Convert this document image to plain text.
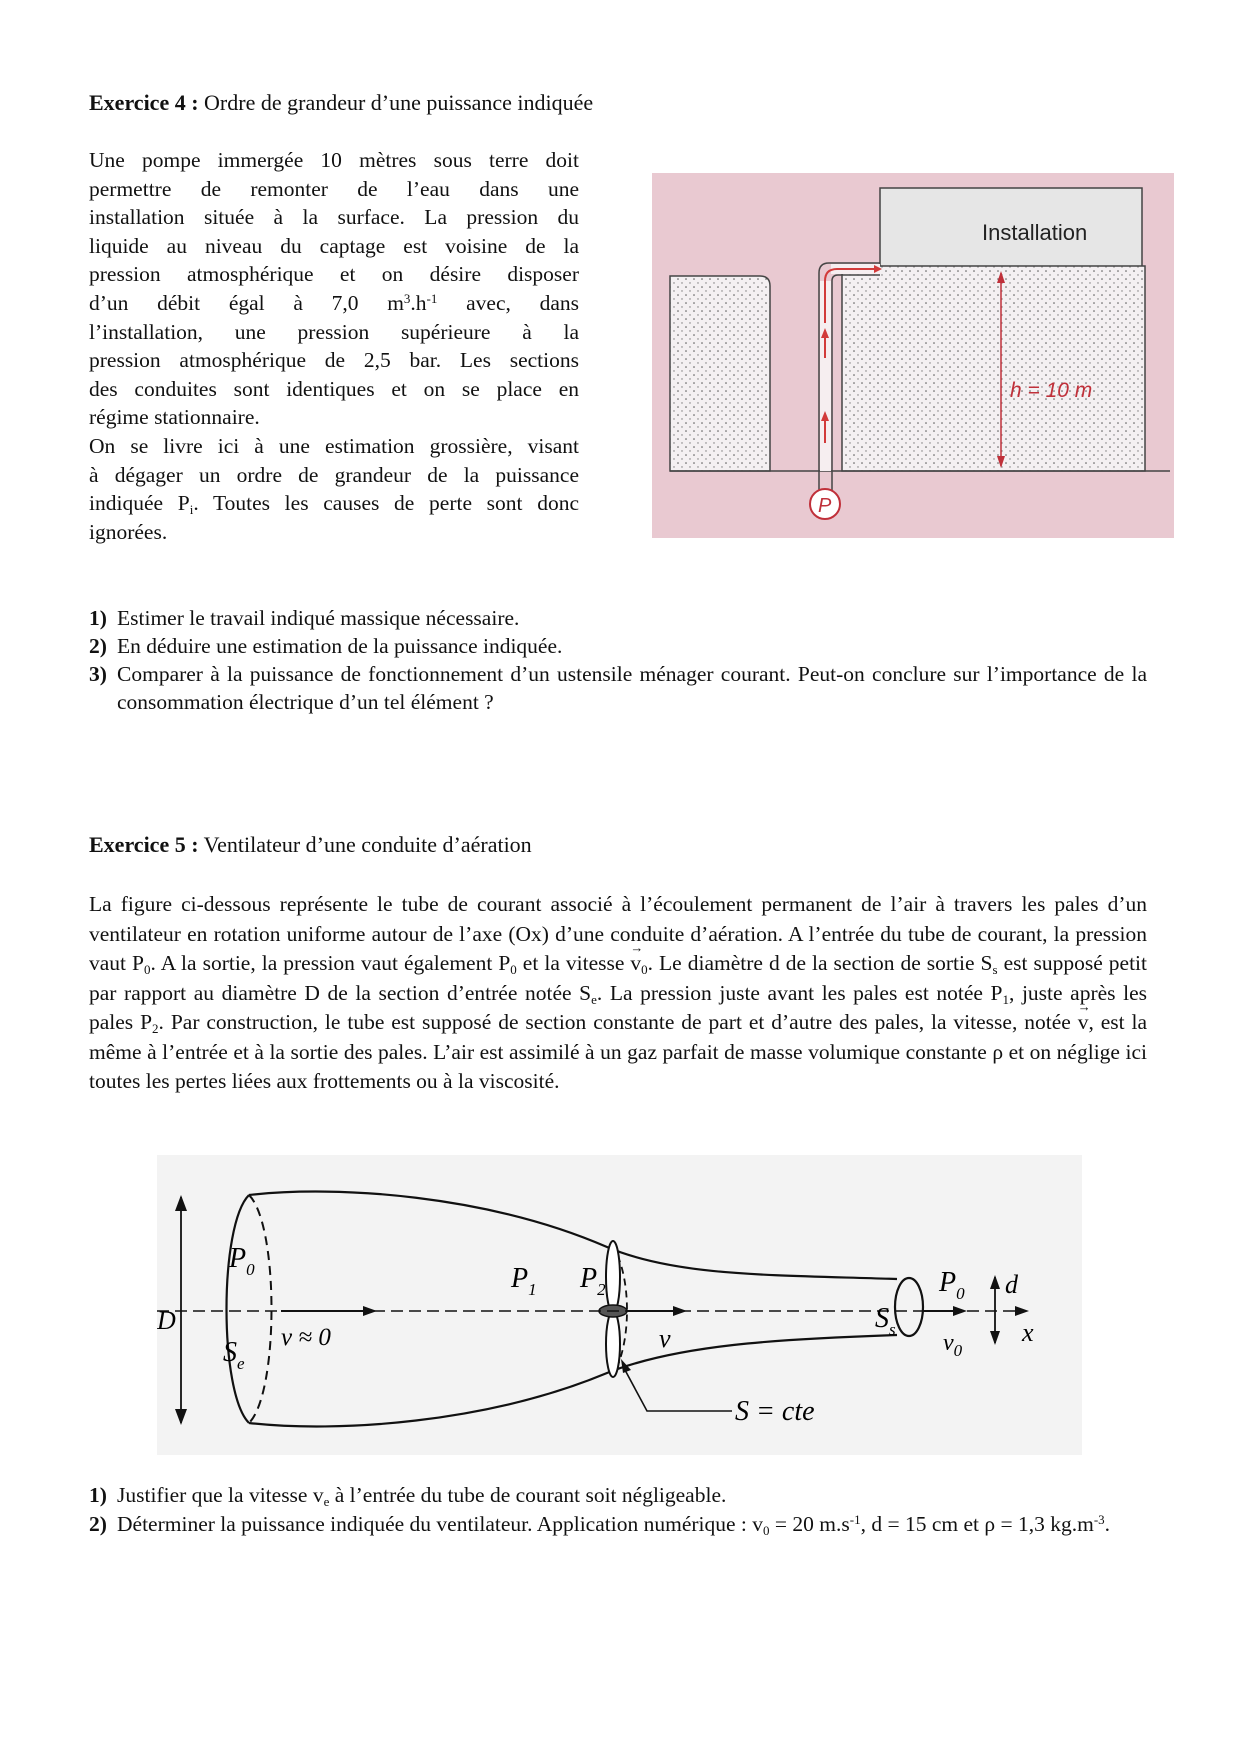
Exercice 4 : Ordre de grandeur d’une puissance indiquée
Une pompe immergée 10 mètres sous terre doit
permettre de remonter de l’eau dans une
installation située à la surface. La pression du
liquide au niveau du captage est voisine de la
pression atmosphérique et on désire disposer
d’un débit égal à 7,0 $m^3.h^{-1}$ avec, dans
l’installation, une pression supérieure à la
pression atmosphérique de 2,5 bar. Les sections
des conduites sont identiques et on se place en
régime stationnaire.
On se livre ici à une estimation grossière, visant
à dégager un ordre de grandeur de la puissance
indiquée $P_i$. Toutes les causes de perte sont donc
ignorées.
Installation
P
h = 10 m
1) Estimer le travail indiqué massique nécessaire.
2) En déduire une estimation de la puissance indiquée.
3) Comparer à la puissance de fonctionnement d’un ustensile ménager courant. Peut-on conclure sur l’importance de la consommation électrique d’un tel élément ?
Exercice 5 : Ventilateur d’une conduite d’aération
La figure ci-dessous représente le tube de courant associé à l’écoulement permanent de l’air à travers les pales d’un ventilateur en rotation uniforme autour de l’axe (Ox) d’une conduite d’aération. A l’entrée du tube de courant, la pression vaut $P_0$. A la sortie, la pression vaut également $P_0$ et la vitesse → $v_0$. Le diamètre d de la section de sortie $S_s$ est supposé petit par rapport au diamètre D de la section d’entrée notée $S_e$. La pression juste avant les pales est notée $P_1$, juste après les pales $P_2$. Par construction, le tube est supposé de section constante de part et d’autre des pales, la vitesse, notée → v, est la même à l’entrée et à la sortie des pales. L’air est assimilé à un gaz parfait de masse volumique constante ρ et on néglige ici toutes les pertes liées aux frottements ou à la viscosité.
x
D
$P_0$
$S_e$
v ≈ 0
$P_1$ $P_2$
v
$S_s$
$P_0$
$v_0$
d
S = cte
1) Justifier que la vitesse $v_e$ à l’entrée du tube de courant soit négligeable.
2) Déterminer la puissance indiquée du ventilateur. Application numérique : $v_0 = 20$ $m.s^{-1}$, d = 15 cm et ρ = 1,3 $kg.m^{-3}$.
